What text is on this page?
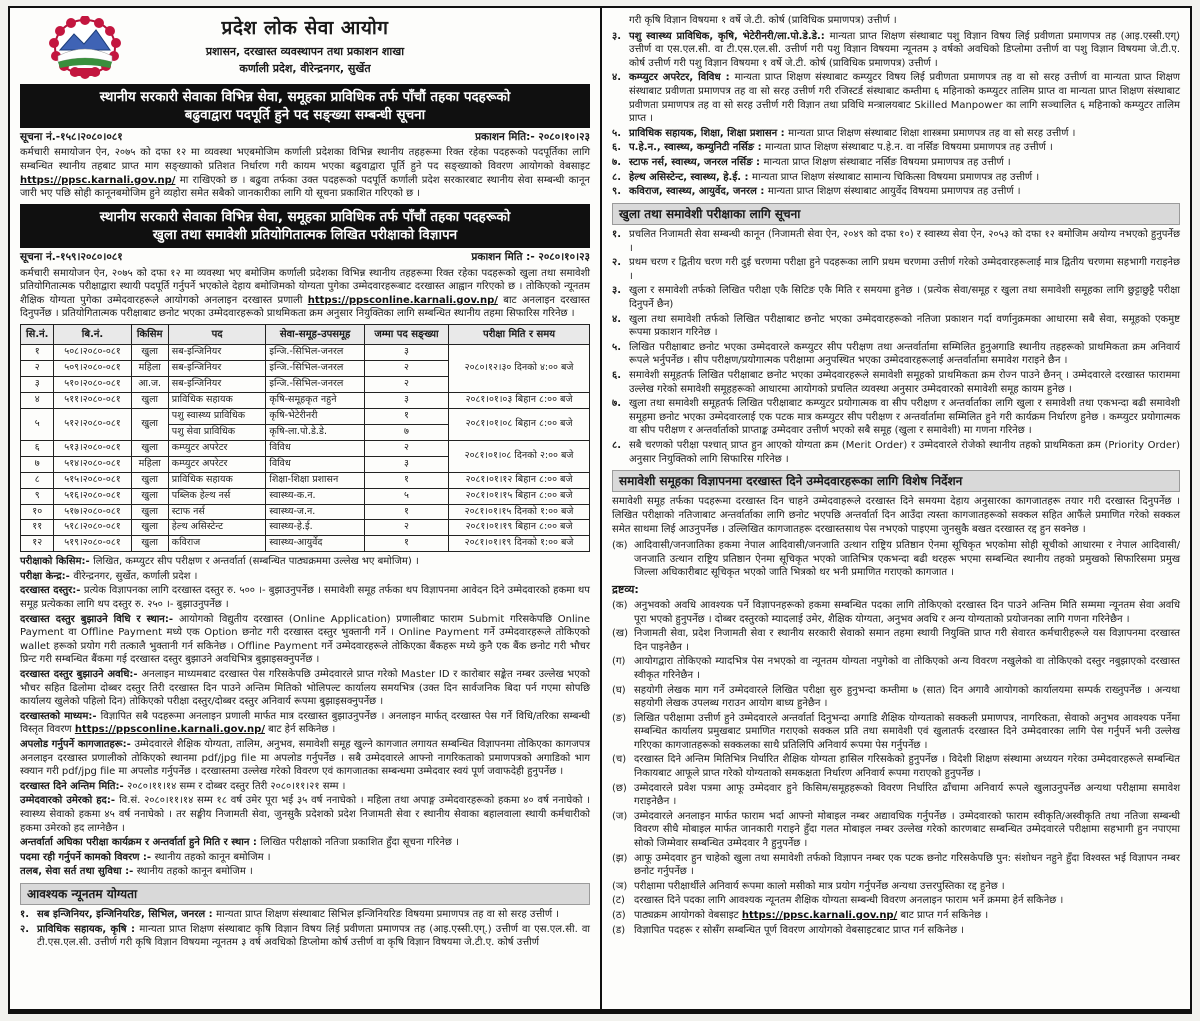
प्रदेश लोक सेवा आयोग
प्रशासन, दरखास्त व्यवस्थापन तथा प्रकाशन शाखा
कर्णाली प्रदेश, वीरेन्द्रनगर, सुर्खेत
स्थानीय सरकारी सेवाका विभिन्न सेवा, समूहका प्राविधिक तर्फ पाँचौं तहका पदहरूको
बढुवाद्वारा पदपूर्ति हुने पद सङ्ख्या सम्बन्धी सूचना
सूचना नं.-१५८।२०८०।०८१	प्रकाशन मिति:- २०८०।१०।२३
कर्मचारी समायोजन ऐन, २०७५ को दफा १२ मा व्यवस्था भएबमोजिम कर्णाली प्रदेशका विभिन्न स्थानीय तहहरूमा रिक्त रहेका पदहरूको पदपूर्तिका लागि सम्बन्धित स्थानीय तहबाट प्राप्त माग सङ्ख्याको प्रतिशत निर्धारण गरी कायम भएका बढुवाद्वारा पूर्ति हुने पद सङ्ख्याको विवरण आयोगको वेबसाइट https://ppsc.karnali.gov.np/ मा राखिएको छ । बढुवा तर्फका उक्त पदहरूको पदपूर्ति कर्णाली प्रदेश सरकारबाट स्थानीय सेवा सम्बन्धी कानून जारी भए पछि सोही कानूनबमोजिम हुने व्यहोरा समेत सबैको जानकारीका लागि यो सूचना प्रकाशित गरिएको छ ।
स्थानीय सरकारी सेवाका विभिन्न सेवा, समूहका प्राविधिक तर्फ पाँचौं तहका पदहरूको
खुला तथा समावेशी प्रतियोगितात्मक लिखित परीक्षाको विज्ञापन
सूचना नं.-१५९।२०८०।०८१	प्रकाशन मिति :- २०८०।१०।२३
कर्मचारी समायोजन ऐन, २०७५ को दफा १२ मा व्यवस्था भए बमोजिम कर्णाली प्रदेशका विभिन्न स्थानीय तहहरूमा रिक्त रहेका पदहरूको खुला तथा समावेशी प्रतियोगितात्मक परीक्षाद्वारा स्थायी पदपूर्ति गर्नुपर्ने भएकोले देहाय बमोजिमको योग्यता पुगेका उम्मेदवारहरूबाट दरखास्त आह्वान गरिएको छ । तोकिएको न्यूनतम शैक्षिक योग्यता पुगेका उम्मेदवारहरूले आयोगको अनलाइन दरखास्त प्रणाली https://ppsconline.karnali.gov.np/ बाट अनलाइन दरखास्त दिनुपर्नेछ । प्रतियोगितात्मक परीक्षाबाट छनोट भएका उम्मेदवारहरूको प्राथमिकता क्रम अनुसार नियुक्तिका लागि सम्बन्धित स्थानीय तहमा सिफारिस गरिनेछ ।
सि.नं.	बि.नं.	किसिम	पद	सेवा-समूह-उपसमूह	जम्मा पद सङ्ख्या	परीक्षा मिति र समय
१	५०८।२०८०-०८१	खुला	सब-इन्जिनियर	इन्जि.-सिभिल-जनरल	३	२०८०।१२।३० दिनको ४:०० बजे
२	५०९।२०८०-०८१	महिला	सब-इन्जिनियर	इन्जि.-सिभिल-जनरल	२	
३	५१०।२०८०-०८१	आ.ज.	सब-इन्जिनियर	इन्जि.-सिभिल-जनरल	२	
४	५११।२०८०-०८१	खुला	प्राविधिक सहायक	कृषि-समूहकृत नहुने	३	२०८१।०१।०३ बिहान ८:०० बजे
५	५१२।२०८०-०८१	खुला	पशु स्वास्थ्य प्राविधिक	कृषि-भेटेरीनरी	१	२०८१।०१।०८ बिहान ८:०० बजे
			पशु सेवा प्राविधिक	कृषि-ला.पो.डे.डे.	७	
६	५१३।२०८०-०८१	खुला	कम्प्युटर अपरेटर	विविध	२	२०८१।०१।०८ दिनको २:०० बजे
७	५१४।२०८०-०८१	महिला	कम्प्युटर अपरेटर	विविध	३	
८	५१५।२०८०-०८१	खुला	प्राविधिक सहायक	शिक्षा-शिक्षा प्रशासन	१	२०८१।०१।१२ बिहान ८:०० बजे
९	५१६।२०८०-०८१	खुला	पब्लिक हेल्थ नर्स	स्वास्थ्य-क.न.	५	२०८१।०१।१५ बिहान ८:०० बजे
१०	५१७।२०८०-०८१	खुला	स्टाफ नर्स	स्वास्थ्य-ज.न.	१	२०८१।०१।१५ दिनको १:०० बजे
११	५१८।२०८०-०८१	खुला	हेल्थ असिस्टेन्ट	स्वास्थ्य-हे.ई.	२	२०८१।०१।१९ बिहान ८:०० बजे
१२	५१९।२०८०-०८१	खुला	कविराज	स्वास्थ्य-आयुर्वेद	१	२०८१।०१।१९ दिनको १:०० बजे
परीक्षाको किसिम:- लिखित, कम्प्युटर सीप परीक्षण र अन्तर्वार्ता (सम्बन्धित पाठ्यक्रममा उल्लेख भए बमोजिम) ।
परीक्षा केन्द्र:- वीरेन्द्रनगर, सुर्खेत, कर्णाली प्रदेश ।
दरखास्त दस्तुर:- प्रत्येक विज्ञापनका लागि दरखास्त दस्तुर रु. ५०० ।- बुझाउनुपर्नेछ । समावेशी समूह तर्फका थप विज्ञापनमा आवेदन दिने उम्मेदवारको हकमा थप समूह प्रत्येकका लागि थप दस्तुर रु. २५० ।- बुझाउनुपर्नेछ ।
दरखास्त दस्तुर बुझाउने विधि र स्थान:- आयोगको विद्युतीय दरखास्त (Online Application) प्रणालीबाट फाराम Submit गरिसकेपछि Online Payment वा Offline Payment मध्ये एक Option छनोट गरी दरखास्त दस्तुर भुक्तानी गर्ने । Online Payment गर्ने उम्मेदवारहरूले तोकिएको wallet हरूको प्रयोग गरी तत्कालै भुक्तानी गर्न सकिनेछ । Offline Payment गर्ने उम्मेदवारहरूले तोकिएका बैंकहरू मध्ये कुनै एक बैंक छनोट गरी भौचर प्रिन्ट गरी सम्बन्धित बैंकमा गई दरखास्त दस्तुर बुझाउने अवधिभित्र बुझाइसक्नुपर्नेछ ।
दरखास्त दस्तुर बुझाउने अवधि:- अनलाइन माध्यमबाट दरखास्त पेस गरिसकेपछि उम्मेदवारले प्राप्त गरेको Master ID र कारोबार सङ्केत नम्बर उल्लेख भएको भौचर सहित ढिलोमा दोब्बर दस्तुर तिरी दरखास्त दिन पाउने अन्तिम मितिको भोलिपल्ट कार्यालय समयभित्र (उक्त दिन सार्वजनिक बिदा पर्न गएमा सोपछि कार्यालय खुलेको पहिलो दिन) तोकिएको परीक्षा दस्तुर/दोब्बर दस्तुर अनिवार्य रूपमा बुझाइसक्नुपर्नेछ ।
दरखास्तको माध्यम:- विज्ञापित सबै पदहरूमा अनलाइन प्रणाली मार्फत मात्र दरखास्त बुझाउनुपर्नेछ । अनलाइन मार्फत् दरखास्त पेस गर्ने विधि/तरिका सम्बन्धी विस्तृत विवरण https://ppsconline.karnali.gov.np/ बाट हेर्न सकिनेछ ।
अपलोड गर्नुपर्ने कागजातहरू:- उम्मेदवारले शैक्षिक योग्यता, तालिम, अनुभव, समावेशी समूह खुल्ने कागजात लगायत सम्बन्धित विज्ञापनमा तोकिएका कागजपत्र अनलाइन दरखास्त प्रणालीको तोकिएको स्थानमा pdf/jpg file मा अपलोड गर्नुपर्नेछ । सबै उम्मेदवारले आफ्नो नागरिकताको प्रमाणपत्रको अगाडिको भाग स्क्यान गरी pdf/jpg file मा अपलोड गर्नुपर्नेछ । दरखास्तमा उल्लेख गरेको विवरण एवं कागजातका सम्बन्धमा उम्मेदवार स्वयं पूर्ण जवाफदेही हुनुपर्नेछ ।
दरखास्त दिने अन्तिम मिति:- २०८०।११।१४ सम्म र दोब्बर दस्तुर तिरी २०८०।११।२१ सम्म ।
उम्मेदवारको उमेरको हद:- वि.सं. २०८०।११।१४ सम्म १८ वर्ष उमेर पूरा भई ३५ वर्ष ननाघेको । महिला तथा अपाङ्ग उम्मेदवारहरूको हकमा ४० वर्ष ननाघेको । स्वास्थ्य सेवाको हकमा ४५ वर्ष ननाघेको । तर सङ्घीय निजामती सेवा, जुनसुकै प्रदेशको प्रदेश निजामती सेवा र स्थानीय सेवाका बहालवाला स्थायी कर्मचारीको हकमा उमेरको हद लाग्नेछैन ।
अन्तर्वार्ता अघिका परीक्षा कार्यक्रम र अन्तर्वार्ता हुने मिति र स्थान : लिखित परीक्षाको नतिजा प्रकाशित हुँदा सूचना गरिनेछ ।
पदमा रही गर्नुपर्ने कामको विवरण :- स्थानीय तहको कानून बमोजिम ।
तलब, सेवा सर्त तथा सुविधा :- स्थानीय तहको कानून बमोजिम ।
आवश्यक न्यूनतम योग्यता
१. सब इन्जिनियर, इन्जिनियरिङ, सिभिल, जनरल : मान्यता प्राप्त शिक्षण संस्थाबाट सिभिल इन्जिनियरिङ विषयमा प्रमाणपत्र तह वा सो सरह उत्तीर्ण ।
२. प्राविधिक सहायक, कृषि : मान्यता प्राप्त शिक्षण संस्थाबाट कृषि विज्ञान विषय लिई प्रवीणता प्रमाणपत्र तह (आइ.एस्सी.एग्.) उत्तीर्ण वा एस.एल.सी. वा टी.एस.एल.सी. उत्तीर्ण गरी कृषि विज्ञान विषयमा न्यूनतम ३ वर्ष अवधिको डिप्लोमा कोर्ष उत्तीर्ण वा कृषि विज्ञान विषयमा जे.टी.ए. कोर्ष उत्तीर्ण
गरी कृषि विज्ञान विषयमा १ वर्षे जे.टी. कोर्ष (प्राविधिक प्रमाणपत्र) उत्तीर्ण ।
३. पशु स्वास्थ्य प्राविधिक, कृषि, भेटेरीनरी/ला.पो.डे.डे.: मान्यता प्राप्त शिक्षण संस्थाबाट पशु विज्ञान विषय लिई प्रवीणता प्रमाणपत्र तह (आइ.एस्सी.एग्) उत्तीर्ण वा एस.एल.सी. वा टी.एस.एल.सी. उत्तीर्ण गरी पशु विज्ञान विषयमा न्यूनतम ३ वर्षको अवधिको डिप्लोमा उत्तीर्ण वा पशु विज्ञान विषयमा जे.टी.ए. कोर्ष उत्तीर्ण गरी पशु विज्ञान विषयमा १ वर्षे जे.टी. कोर्ष (प्राविधिक प्रमाणपत्र) उत्तीर्ण ।
४. कम्प्युटर अपरेटर, विविध : मान्यता प्राप्त शिक्षण संस्थाबाट कम्प्युटर विषय लिई प्रवीणता प्रमाणपत्र तह वा सो सरह उत्तीर्ण वा मान्यता प्राप्त शिक्षण संस्थाबाट प्रवीणता प्रमाणपत्र तह वा सो सरह उत्तीर्ण गरी रजिस्टर्ड संस्थाबाट कम्तीमा ६ महिनाको कम्प्युटर तालिम प्राप्त वा मान्यता प्राप्त शिक्षण संस्थाबाट प्रवीणता प्रमाणपत्र तह वा सो सरह उत्तीर्ण गरी विज्ञान तथा प्रविधि मन्त्रालयबाट Skilled Manpower का लागि सञ्चालित ६ महिनाको कम्प्युटर तालिम प्राप्त ।
५. प्राविधिक सहायक, शिक्षा, शिक्षा प्रशासन : मान्यता प्राप्त शिक्षण संस्थाबाट शिक्षा शास्त्रमा प्रमाणपत्र तह वा सो सरह उत्तीर्ण ।
६. प.हे.न., स्वास्थ्य, कम्युनिटी नर्सिङ : मान्यता प्राप्त शिक्षण संस्थाबाट प.हे.न. वा नर्सिङ विषयमा प्रमाणपत्र तह उत्तीर्ण ।
७. स्टाफ नर्स, स्वास्थ्य, जनरल नर्सिङ : मान्यता प्राप्त शिक्षण संस्थाबाट नर्सिङ विषयमा प्रमाणपत्र तह उत्तीर्ण ।
८. हेल्थ असिस्टेन्ट, स्वास्थ्य, हे.ई. : मान्यता प्राप्त शिक्षण संस्थाबाट सामान्य चिकित्सा विषयमा प्रमाणपत्र तह उत्तीर्ण ।
९. कविराज, स्वास्थ्य, आयुर्वेद, जनरल : मान्यता प्राप्त शिक्षण संस्थाबाट आयुर्वेद विषयमा प्रमाणपत्र तह उत्तीर्ण ।
खुला तथा समावेशी परीक्षाका लागि सूचना
१. प्रचलित निजामती सेवा सम्बन्धी कानून (निजामती सेवा ऐन, २०४९ को दफा १०) र स्वास्थ्य सेवा ऐन, २०५३ को दफा १२ बमोजिम अयोग्य नभएको हुनुपर्नेछ ।
२. प्रथम चरण र द्वितीय चरण गरी दुई चरणमा परीक्षा हुने पदहरूका लागि प्रथम चरणमा उत्तीर्ण गरेको उम्मेदवारहरूलाई मात्र द्वितीय चरणमा सहभागी गराइनेछ ।
३. खुला र समावेशी तर्फको लिखित परीक्षा एकै सिटिङ एकै मिति र समयमा हुनेछ । (प्रत्येक सेवा/समूह र खुला तथा समावेशी समूहका लागि छुट्टाछुट्टै परीक्षा दिनुपर्ने छैन)
४. खुला तथा समावेशी तर्फको लिखित परीक्षाबाट छनोट भएका उम्मेदवारहरूको नतिजा प्रकाशन गर्दा वर्णानुक्रमका आधारमा सबै सेवा, समूहको एकमुष्ट रूपमा प्रकाशन गरिनेछ ।
५. लिखित परीक्षाबाट छनोट भएका उम्मेदवारले कम्प्युटर सीप परीक्षण तथा अन्तर्वार्तामा सम्मिलित हुनुअगाडि स्थानीय तहहरूको प्राथमिकता क्रम अनिवार्य रूपले भर्नुपर्नेछ । सीप परीक्षण/प्रयोगात्मक परीक्षामा अनुपस्थित भएका उम्मेदवारहरूलाई अन्तर्वार्तामा समावेश गराइने छैन ।
६. समावेशी समूहतर्फ लिखित परीक्षाबाट छनोट भएका उम्मेदवारहरूले समावेशी समूहको प्राथमिकता क्रम रोज्न पाउने छैनन् । उम्मेदवारले दरखास्त फाराममा उल्लेख गरेको समावेशी समूहहरूको आधारमा आयोगको प्रचलित व्यवस्था अनुसार उम्मेदवारको समावेशी समूह कायम हुनेछ ।
७. खुला तथा समावेशी समूहतर्फ लिखित परीक्षाबाट कम्प्युटर प्रयोगात्मक वा सीप परीक्षण र अन्तर्वार्ताका लागि खुला र समावेशी तथा एकभन्दा बढी समावेशी समूहमा छनोट भएका उम्मेदवारलाई एक पटक मात्र कम्प्युटर सीप परीक्षण र अन्तर्वार्तामा सम्मिलित हुने गरी कार्यक्रम निर्धारण हुनेछ । कम्प्युटर प्रयोगात्मक वा सीप परीक्षण र अन्तर्वार्ताको प्राप्ताङ्क उम्मेदवार उत्तीर्ण भएको सबै समूह (खुला र समावेशी) मा गणना गरिनेछ ।
८. सबै चरणको परीक्षा पश्चात् प्राप्त हुन आएको योग्यता क्रम (Merit Order) र उम्मेदवारले रोजेको स्थानीय तहको प्राथमिकता क्रम (Priority Order) अनुसार नियुक्तिको लागि सिफारिस गरिनेछ ।
समावेशी समूहका विज्ञापनमा दरखास्त दिने उम्मेदवारहरूका लागि विशेष निर्देशन
समावेशी समूह तर्फका पदहरूमा दरखास्त दिन चाहने उम्मेदवाहरूले दरखास्त दिने समयमा देहाय अनुसारका कागजातहरू तयार गरी दरखास्त दिनुपर्नेछ । लिखित परीक्षाको नतिजाबाट अन्तर्वार्ताका लागि छनोट भएपछि अन्तर्वार्ता दिन आउँदा त्यस्ता कागजातहरूको सक्कल सहित आफैंले प्रमाणित गरेको सक्कल समेत साथमा लिई आउनुपर्नेछ । उल्लिखित कागजातहरू दरखास्तसाथ पेस नभएको पाइएमा जुनसुकै बखत दरखास्त रद्द हुन सक्नेछ ।
(क) आदिवासी/जनजातिका हकमा नेपाल आदिवासी/जनजाति उत्थान राष्ट्रिय प्रतिष्ठान ऐनमा सूचिकृत भएकोमा सोही सूचीको आधारमा र नेपाल आदिवासी/जनजाति उत्थान राष्ट्रिय प्रतिष्ठान ऐनमा सूचिकृत भएको जातिभित्र एकभन्दा बढी थरहरू भएमा सम्बन्धित स्थानीय तहको प्रमुखको सिफारिसमा प्रमुख जिल्ला अधिकारीबाट सूचिकृत भएको जाति भित्रको थर भनी प्रमाणित गराएको कागजात ।
द्रष्टव्य:
(क) अनुभवको अवधि आवश्यक पर्ने विज्ञापनहरूको हकमा सम्बन्धित पदका लागि तोकिएको दरखास्त दिन पाउने अन्तिम मिति सम्ममा न्यूनतम सेवा अवधि पूरा भएको हुनुपर्नेछ । दोब्बर दस्तुरको म्यादलाई उमेर, शैक्षिक योग्यता, अनुभव अवधि र अन्य योग्यताको प्रयोजनका लागि गणना गरिनेछैन ।
(ख) निजामती सेवा, प्रदेश निजामती सेवा र स्थानीय सरकारी सेवाको समान तहमा स्थायी नियुक्ति प्राप्त गरी सेवारत कर्मचारीहरूले यस विज्ञापनमा दरखास्त दिन पाइनेछैन ।
(ग) आयोगद्वारा तोकिएको म्यादभित्र पेस नभएको वा न्यूनतम योग्यता नपुगेको वा तोकिएको अन्य विवरण नखुलेको वा तोकिएको दस्तुर नबुझाएको दरखास्त स्वीकृत गरिनेछैन ।
(घ) सहयोगी लेखक माग गर्ने उम्मेदवारले लिखित परीक्षा सुरु हुनुभन्दा कम्तीमा ७ (सात) दिन अगावै आयोगको कार्यालयमा सम्पर्क राख्नुपर्नेछ । अन्यथा सहयोगी लेखक उपलब्ध गराउन आयोग बाध्य हुनेछैन ।
(ङ) लिखित परीक्षामा उत्तीर्ण हुने उम्मेदवारले अन्तर्वार्ता दिनुभन्दा अगाडि शैक्षिक योग्यताको सक्कली प्रमाणपत्र, नागरिकता, सेवाको अनुभव आवश्यक पर्नेमा सम्बन्धित कार्यालय प्रमुखबाट प्रमाणित गराएको सक्कल प्रति तथा समावेशी एवं खुलातर्फ दरखास्त दिने उम्मेदवारका लागि पेस गर्नुपर्ने भनी उल्लेख गरिएका कागजातहरूको सक्कलका साथै प्रतिलिपि अनिवार्य रूपमा पेस गर्नुपर्नेछ ।
(च) दरखास्त दिने अन्तिम मितिभित्र निर्धारित शैक्षिक योग्यता हासिल गरिसकेको हुनुपर्नेछ । विदेशी शिक्षण संस्थामा अध्ययन गरेका उम्मेदवारहरूले सम्बन्धित निकायबाट आफूले प्राप्त गरेको योग्यताको समकक्षता निर्धारण अनिवार्य रूपमा गराएको हुनुपर्नेछ ।
(छ) उम्मेदवारले प्रवेश पत्रमा आफू उम्मेदवार हुने किसिम/समूहहरूको विवरण निर्धारित ढाँचामा अनिवार्य रूपले खुलाउनुपर्नेछ अन्यथा परीक्षामा समावेश गराइनेछैन ।
(ज) उम्मेदवारले अनलाइन मार्फत फाराम भर्दा आफ्नो मोबाइल नम्बर अद्यावधिक गर्नुपर्नेछ । उम्मेदवारको फाराम स्वीकृति/अस्वीकृति तथा नतिजा सम्बन्धी विवरण सीधै मोबाइल मार्फत जानकारी गराइने हुँदा गलत मोबाइल नम्बर उल्लेख गरेको कारणबाट सम्बन्धित उम्मेदवारले परीक्षामा सहभागी हुन नपाएमा सोको जिम्मेवार सम्बन्धित उम्मेदवार नै हुनुपर्नेछ ।
(झ) आफू उम्मेदवार हुन चाहेको खुला तथा समावेशी तर्फको विज्ञापन नम्बर एक पटक छनोट गरिसकेपछि पुन: संशोधन नहुने हुँदा विश्वस्त भई विज्ञापन नम्बर छनोट गर्नुपर्नेछ ।
(ञ) परीक्षामा परीक्षार्थीले अनिवार्य रूपमा कालो मसीको मात्र प्रयोग गर्नुपर्नेछ अन्यथा उत्तरपुस्तिका रद्द हुनेछ ।
(ट) दरखास्त दिने पदका लागि आवश्यक न्यूनतम शैक्षिक योग्यता सम्बन्धी विवरण अनलाइन फाराम भर्ने क्रममा हेर्न सकिनेछ ।
(ठ) पाठ्यक्रम आयोगको वेबसाइट https://ppsc.karnali.gov.np/ बाट प्राप्त गर्न सकिनेछ ।
(ड) विज्ञापित पदहरू र सोसँग सम्बन्धित पूर्ण विवरण आयोगको वेबसाइटबाट प्राप्त गर्न सकिनेछ ।
